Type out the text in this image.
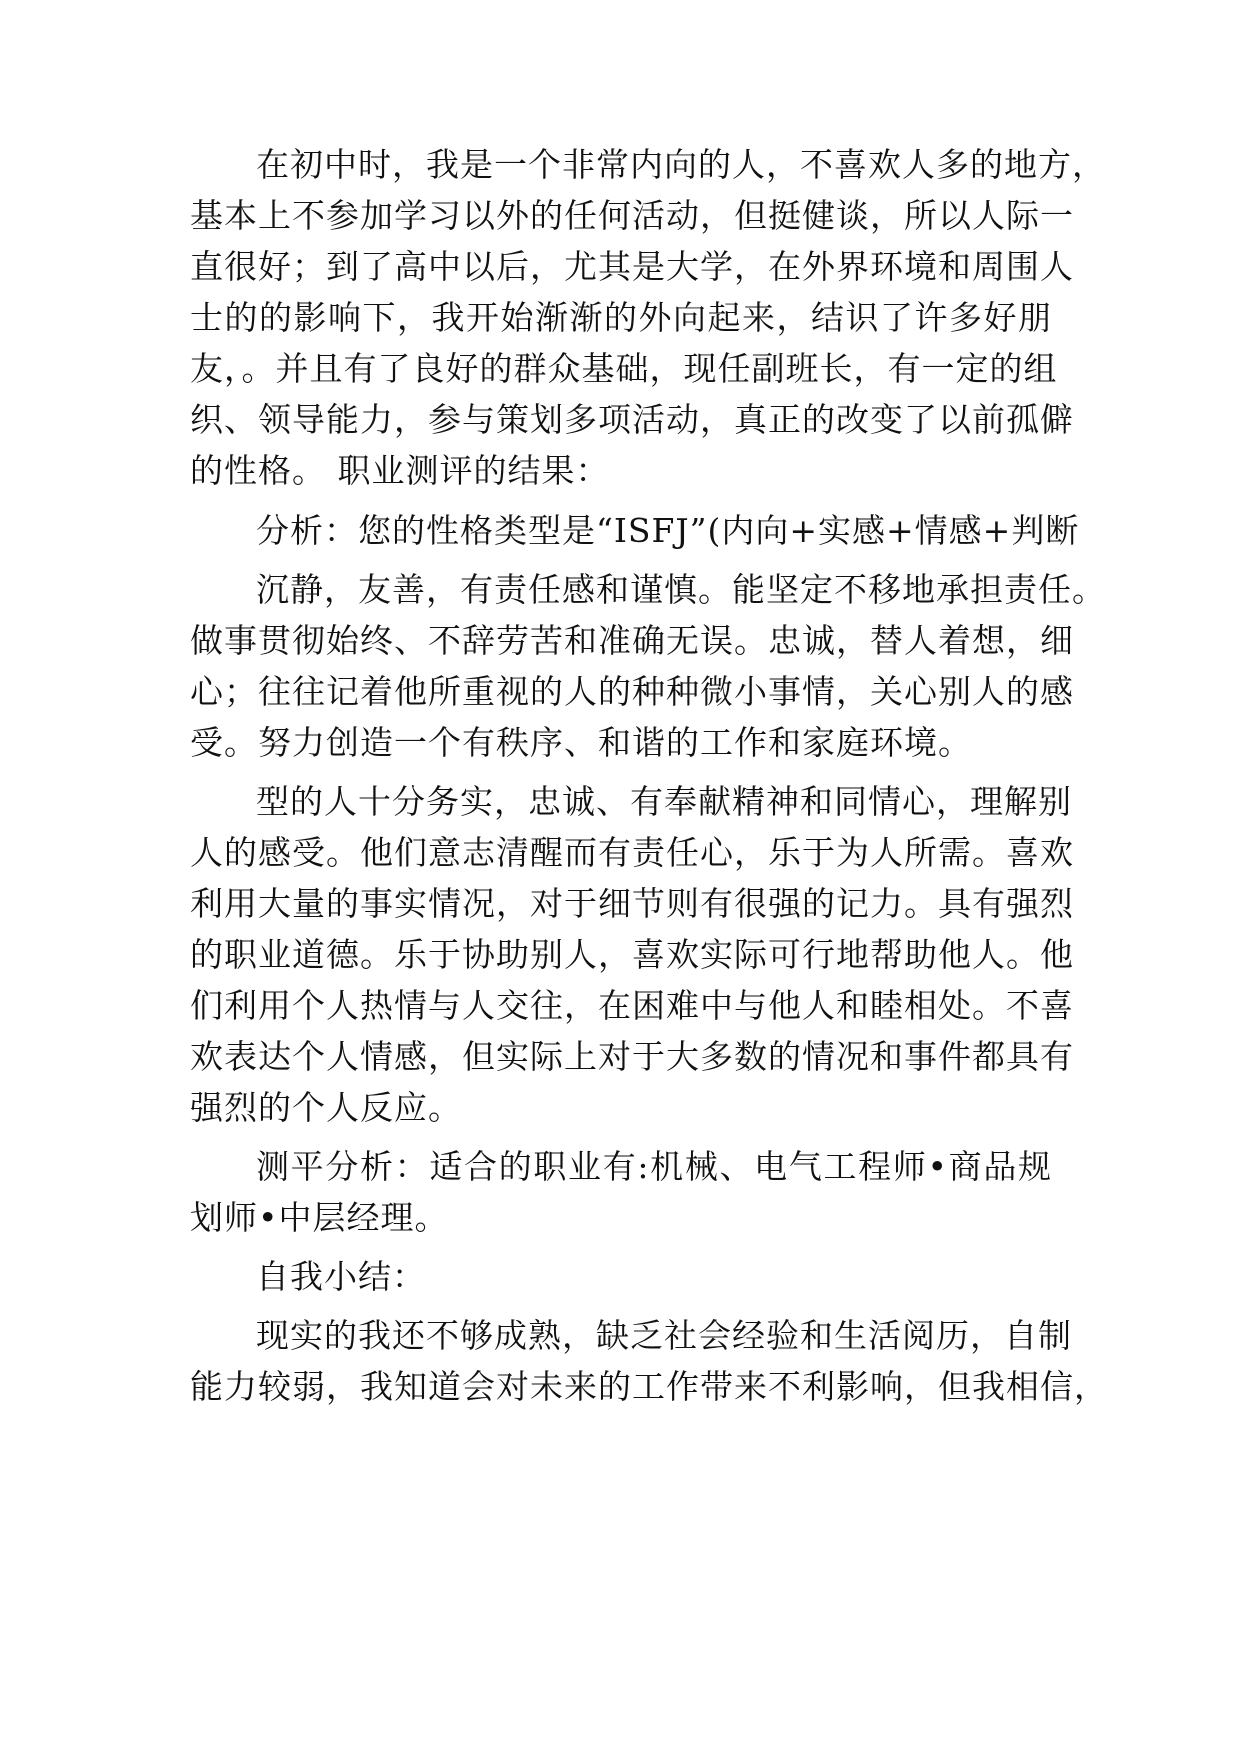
在初中时，我是一个非常内向的人，不喜欢人多的地方，
基本上不参加学习以外的任何活动，但挺健谈，所以人际一
直很好；到了高中以后，尤其是大学，在外界环境和周围人
士的的影响下，我开始渐渐的外向起来，结识了许多好朋
友，。并且有了良好的群众基础，现任副班长，有一定的组
织、领导能力，参与策划多项活动，真正的改变了以前孤僻
的性格。 职业测评的结果：
分析：您的性格类型是“ISFJ”(内向+实感+情感+判断
沉静，友善，有责任感和谨慎。能坚定不移地承担责任。
做事贯彻始终、不辞劳苦和准确无误。忠诚，替人着想，细
心；往往记着他所重视的人的种种微小事情，关心别人的感
受。努力创造一个有秩序、和谐的工作和家庭环境。
型的人十分务实，忠诚、有奉献精神和同情心，理解别
人的感受。他们意志清醒而有责任心，乐于为人所需。喜欢
利用大量的事实情况，对于细节则有很强的记力。具有强烈
的职业道德。乐于协助别人，喜欢实际可行地帮助他人。他
们利用个人热情与人交往，在困难中与他人和睦相处。不喜
欢表达个人情感，但实际上对于大多数的情况和事件都具有
强烈的个人反应。
测平分析：适合的职业有:机械、电气工程师•商品规
划师•中层经理。
自我小结：
现实的我还不够成熟，缺乏社会经验和生活阅历，自制
能力较弱，我知道会对未来的工作带来不利影响，但我相信，
